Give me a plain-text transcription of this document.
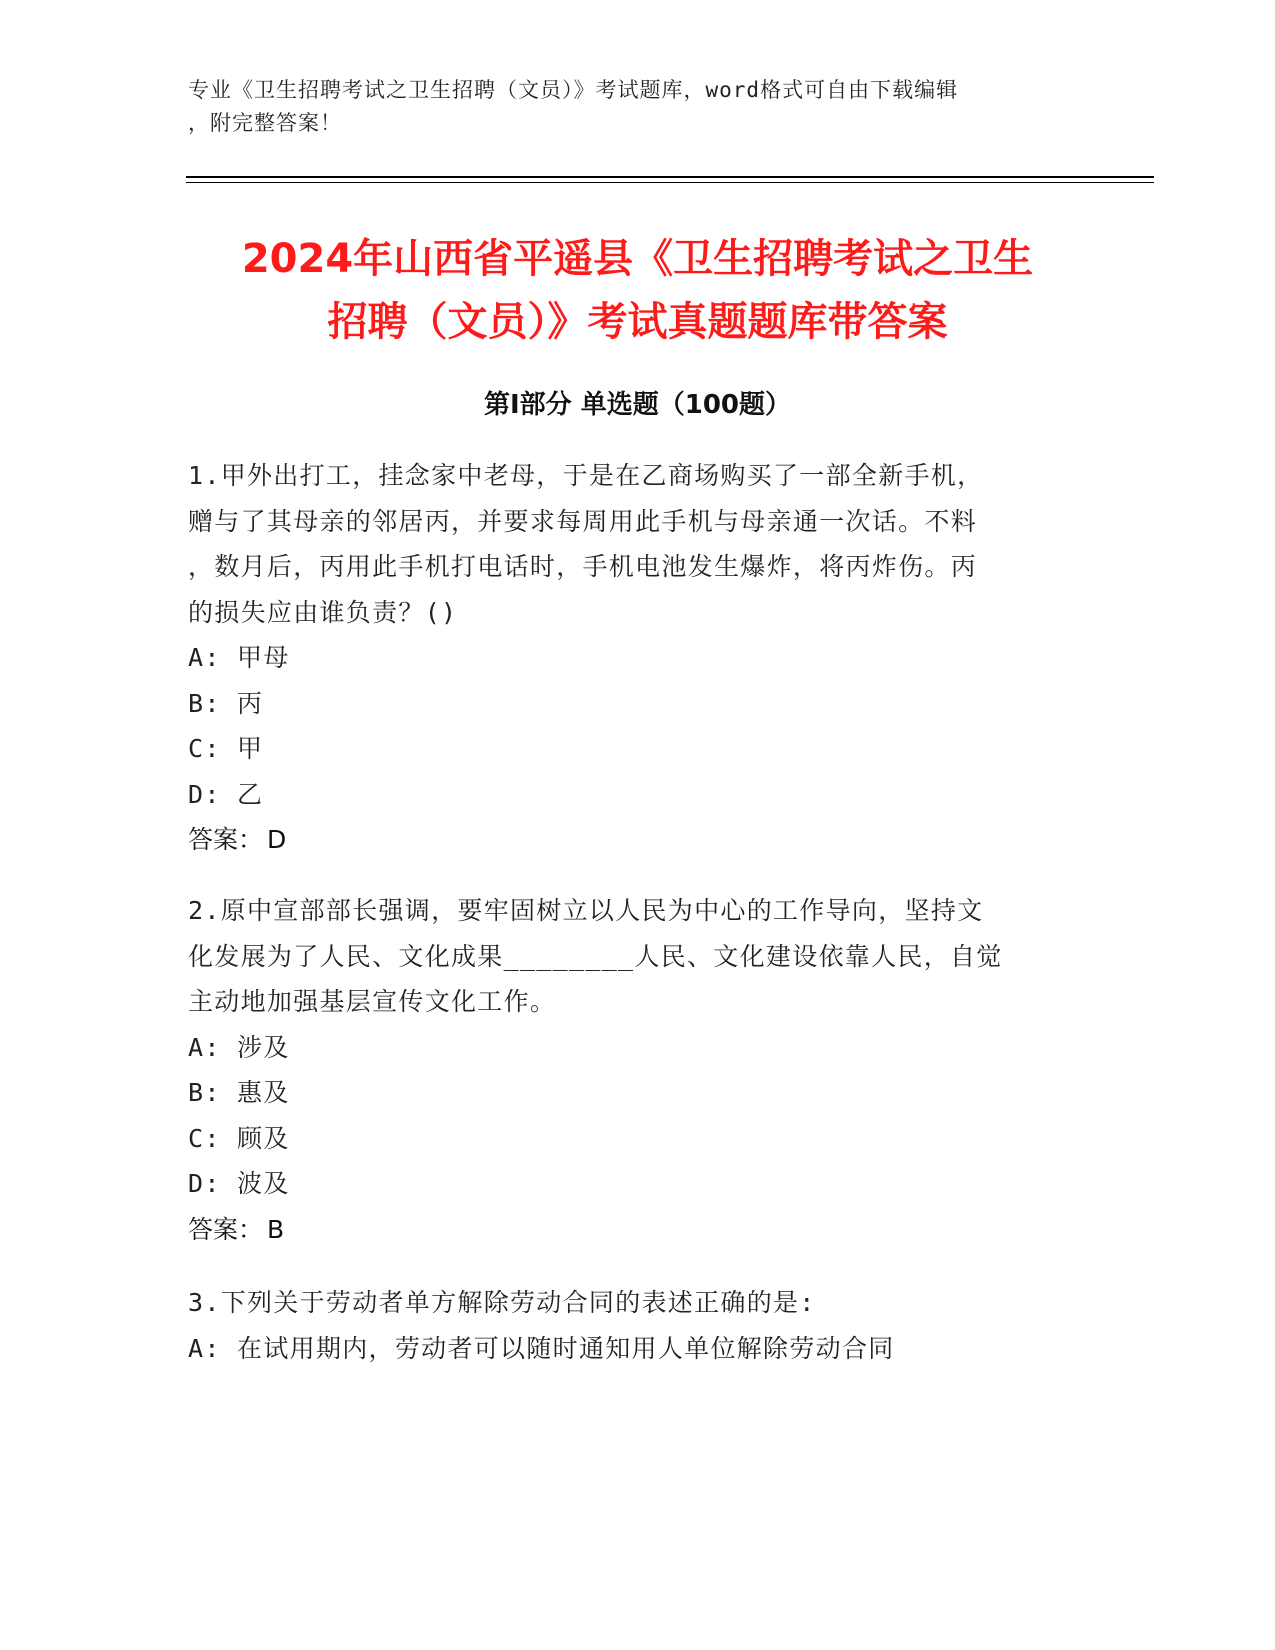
专业《卫生招聘考试之卫生招聘（文员）》考试题库，word格式可自由下载编辑
，附完整答案！
2024年山西省平遥县《卫生招聘考试之卫生
招聘（文员）》考试真题题库带答案
第Ⅰ部分 单选题（100题）
1.甲外出打工，挂念家中老母，于是在乙商场购买了一部全新手机，
赠与了其母亲的邻居丙，并要求每周用此手机与母亲通一次话。不料
，数月后，丙用此手机打电话时，手机电池发生爆炸，将丙炸伤。丙
的损失应由谁负责？()
A: 甲母
B: 丙
C: 甲
D: 乙
答案： D
2.原中宣部部长强调，要牢固树立以人民为中心的工作导向，坚持文
化发展为了人民、文化成果________人民、文化建设依靠人民，自觉
主动地加强基层宣传文化工作。
A: 涉及
B: 惠及
C: 顾及
D: 波及
答案： B
3.下列关于劳动者单方解除劳动合同的表述正确的是:
A: 在试用期内，劳动者可以随时通知用人单位解除劳动合同
